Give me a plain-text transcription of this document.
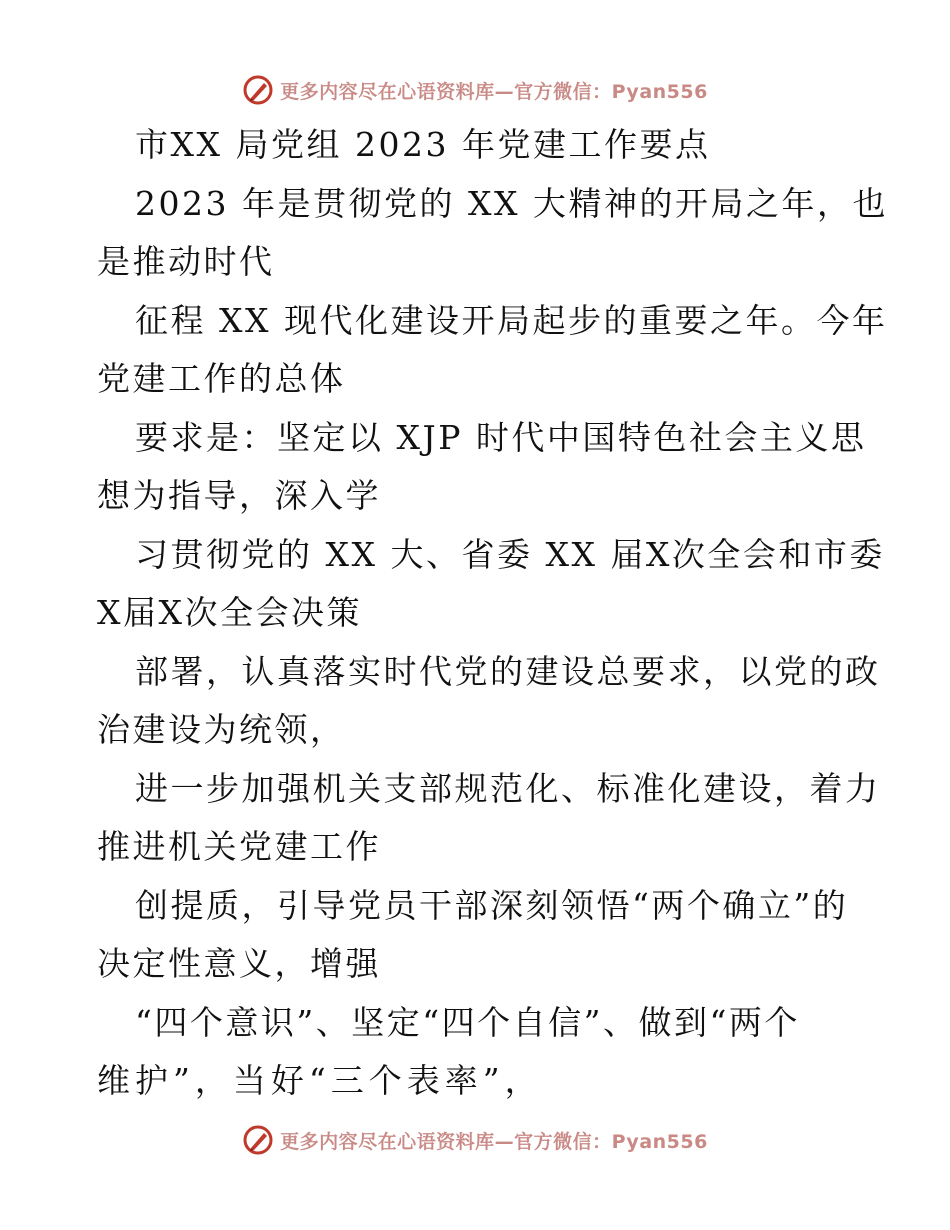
更多内容尽在心语资料库—官方微信：Pyan556
市XX 局党组 2023 年党建工作要点
2023 年是贯彻党的 XX 大精神的开局之年，也
是推动时代
征程 XX 现代化建设开局起步的重要之年。今年
党建工作的总体
要求是：坚定以 XJP 时代中国特色社会主义思
想为指导，深入学
习贯彻党的 XX 大、省委 XX 届X次全会和市委
X届X次全会决策
部署，认真落实时代党的建设总要求，以党的政
治建设为统领，
进一步加强机关支部规范化、标准化建设，着力
推进机关党建工作
创提质，引导党员干部深刻领悟“两个确立”的
决定性意义，增强
“四个意识”、坚定“四个自信”、做到“两个
维护”，当好“三个表率”，
更多内容尽在心语资料库—官方微信：Pyan556
